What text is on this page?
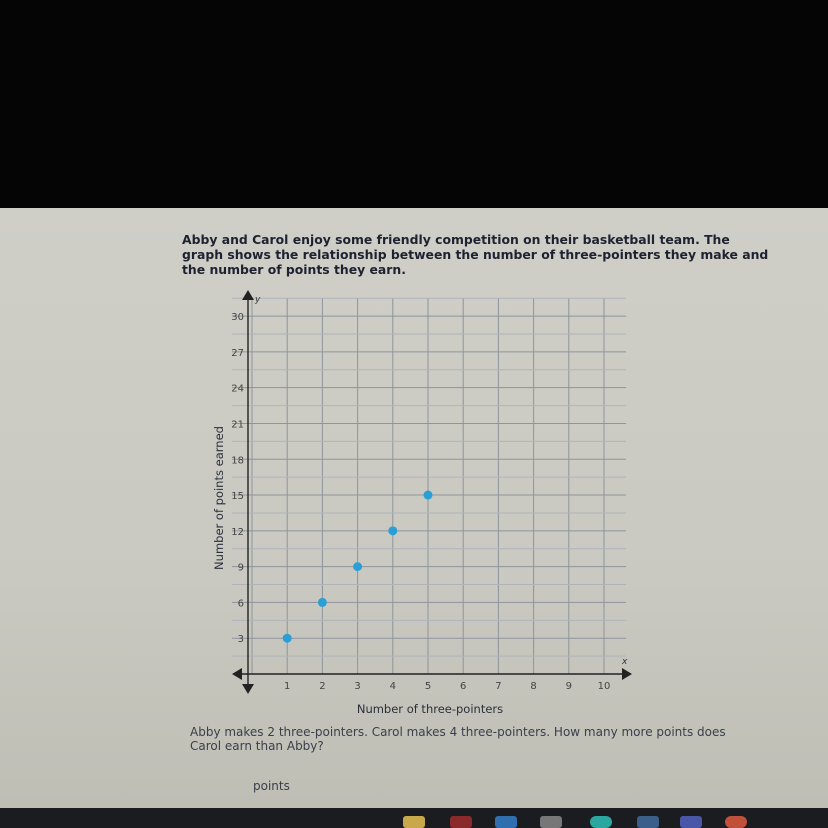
Abby and Carol enjoy some friendly competition on their basketball team. The graph shows the relationship between the number of three-pointers they make and the number of points they earn.
1	2	3	4	5	6	7	8	9	10
3
6
9
12
15
18
21
24
27
30
Number of three-pointers
Number of points earned
x
y
Abby makes 2 three-pointers. Carol makes 4 three-pointers. How many more points does Carol earn than Abby?
points
